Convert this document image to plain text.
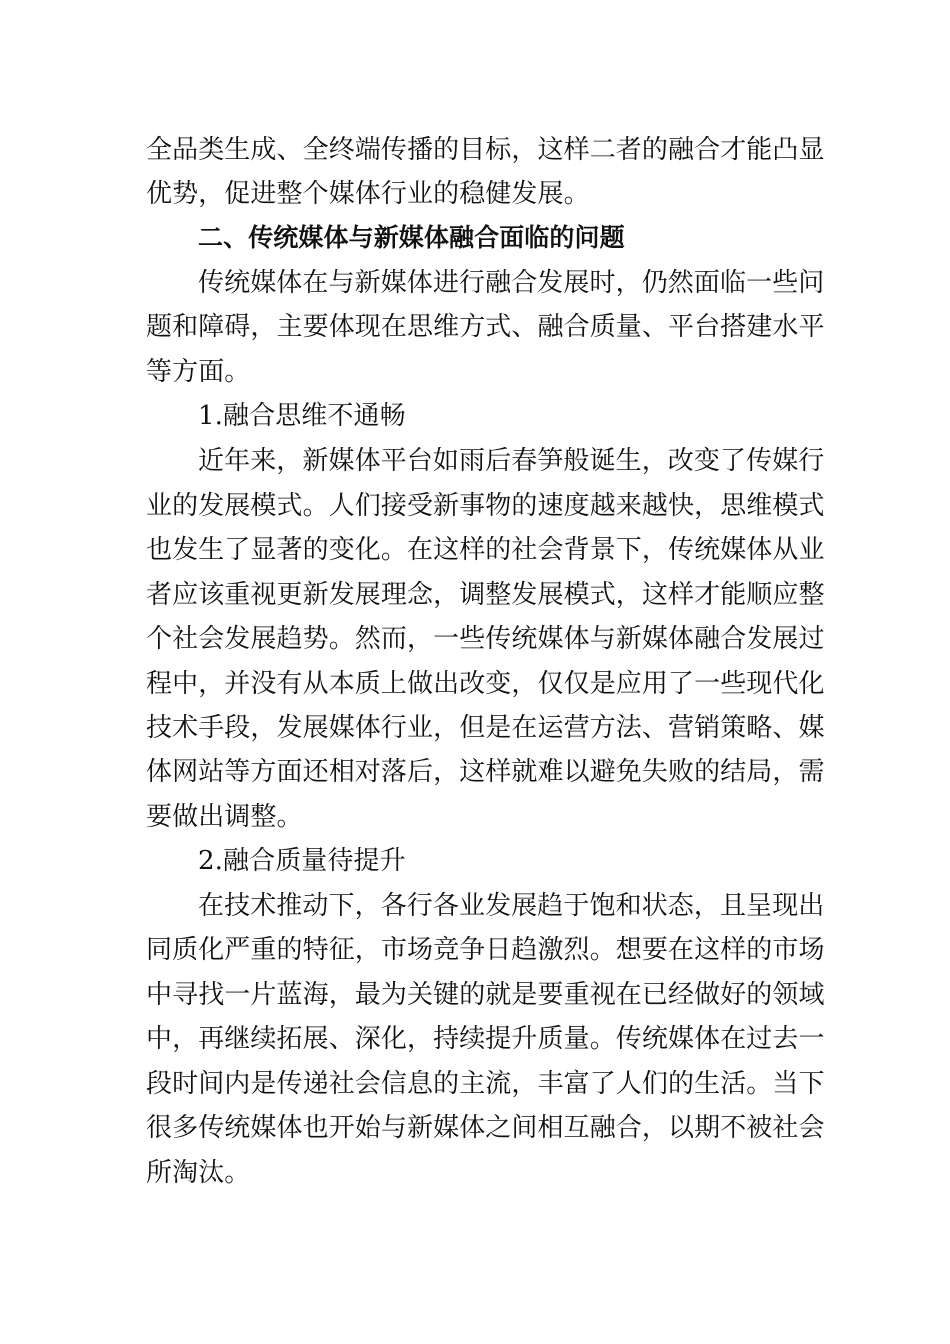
全品类生成、全终端传播的目标，这样二者的融合才能凸显
优势，促进整个媒体行业的稳健发展。
二、传统媒体与新媒体融合面临的问题
传统媒体在与新媒体进行融合发展时，仍然面临一些问
题和障碍，主要体现在思维方式、融合质量、平台搭建水平
等方面。
1.融合思维不通畅
近年来，新媒体平台如雨后春笋般诞生，改变了传媒行
业的发展模式。人们接受新事物的速度越来越快，思维模式
也发生了显著的变化。在这样的社会背景下，传统媒体从业
者应该重视更新发展理念，调整发展模式，这样才能顺应整
个社会发展趋势。然而，一些传统媒体与新媒体融合发展过
程中，并没有从本质上做出改变，仅仅是应用了一些现代化
技术手段，发展媒体行业，但是在运营方法、营销策略、媒
体网站等方面还相对落后，这样就难以避免失败的结局，需
要做出调整。
2.融合质量待提升
在技术推动下，各行各业发展趋于饱和状态，且呈现出
同质化严重的特征，市场竞争日趋激烈。想要在这样的市场
中寻找一片蓝海，最为关键的就是要重视在已经做好的领域
中，再继续拓展、深化，持续提升质量。传统媒体在过去一
段时间内是传递社会信息的主流，丰富了人们的生活。当下
很多传统媒体也开始与新媒体之间相互融合，以期不被社会
所淘汰。
